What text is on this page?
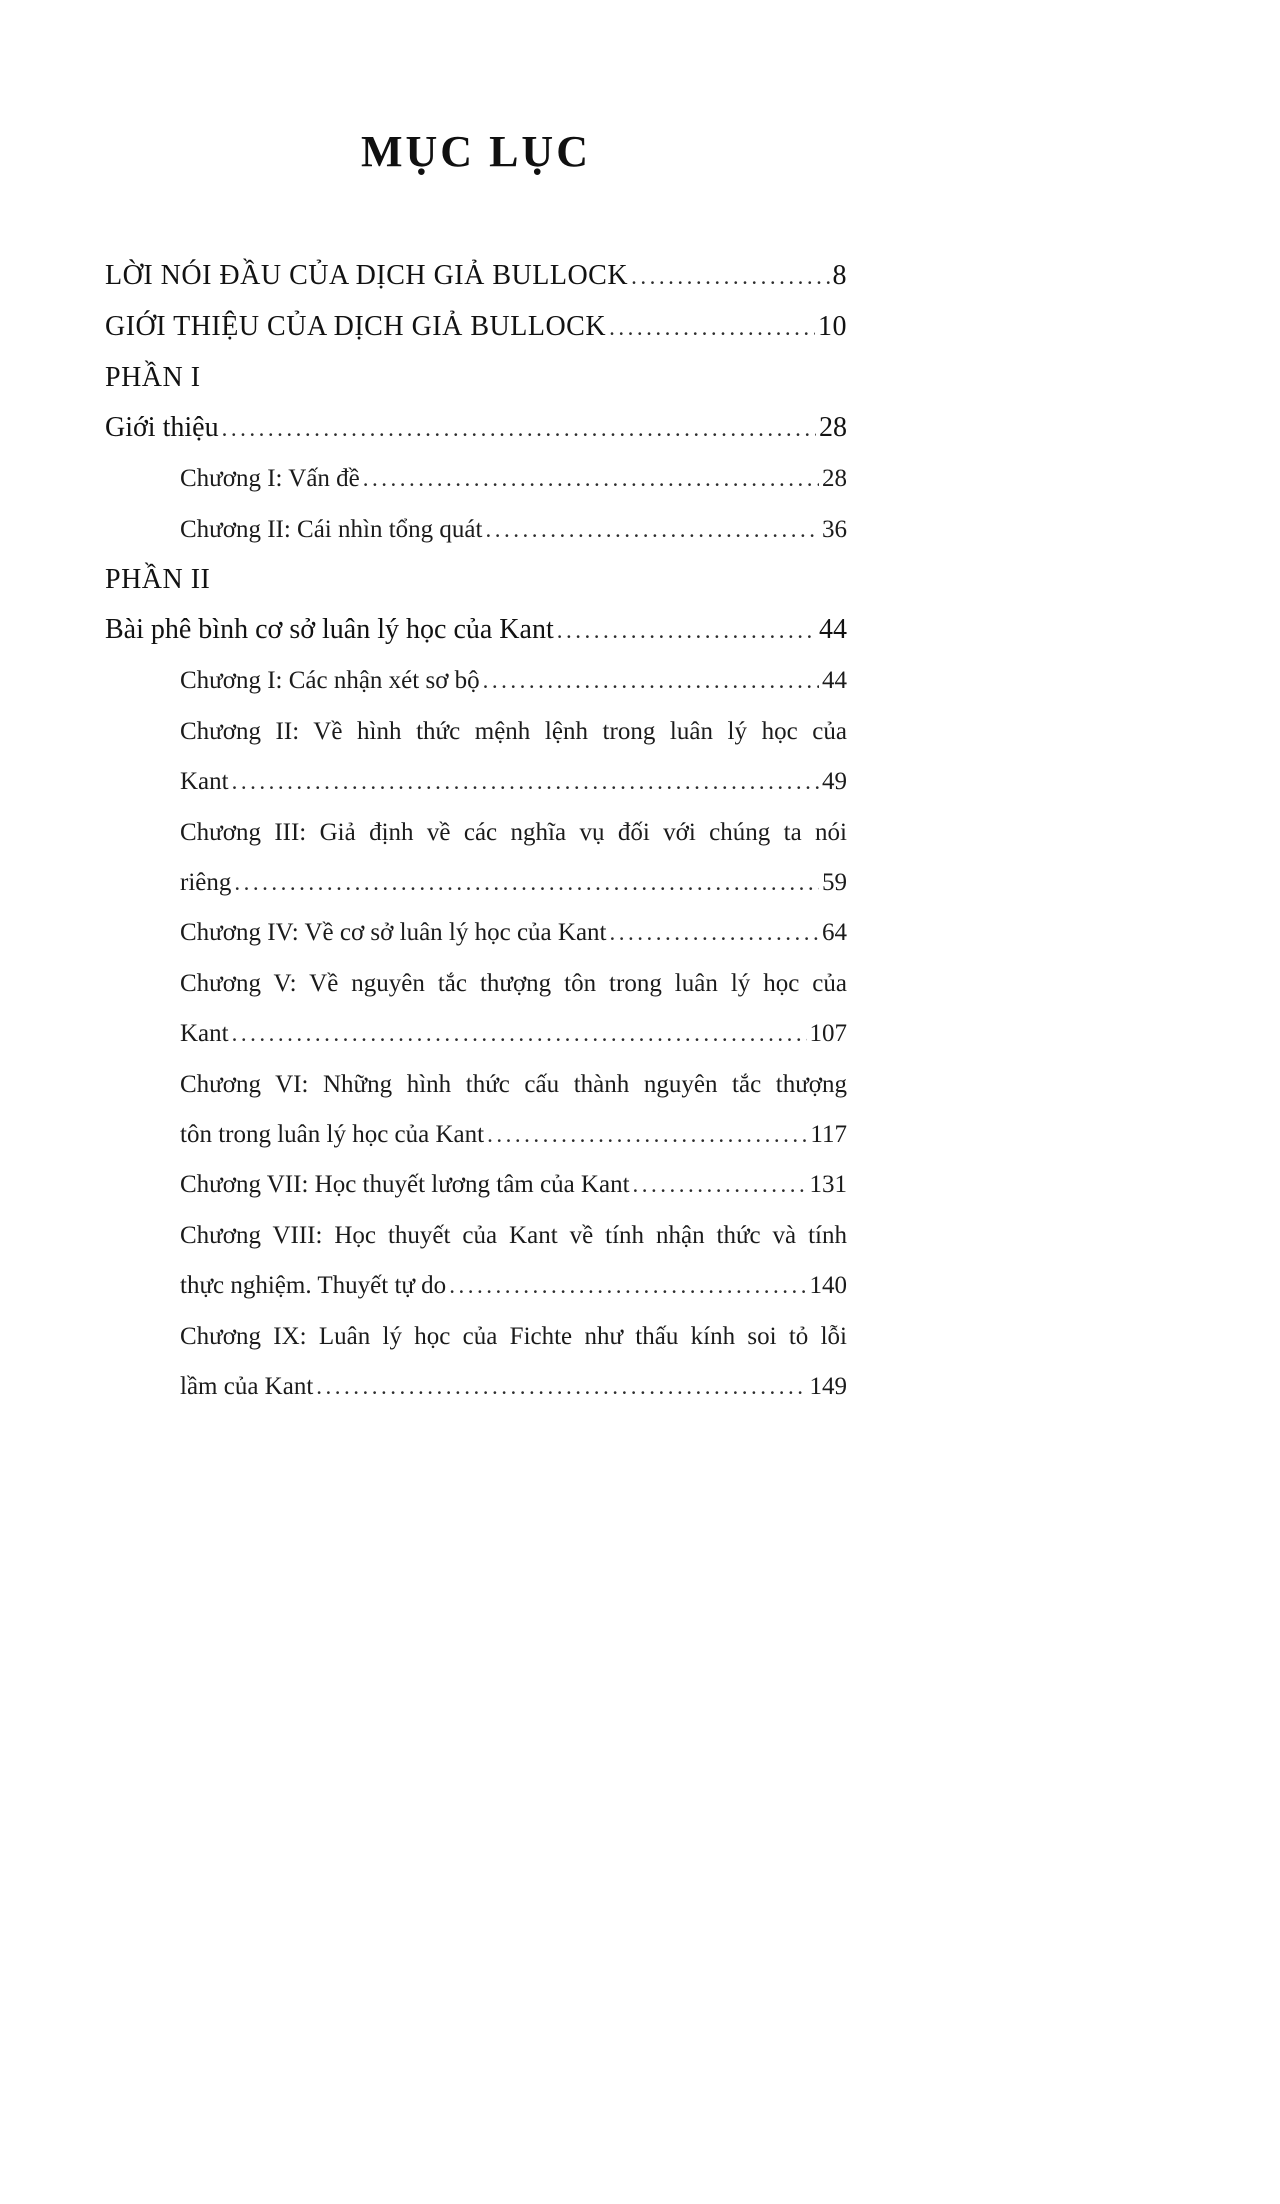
MỤC LỤC
LỜI NÓI ĐẦU CỦA DỊCH GIẢ BULLOCK .....	8
GIỚI THIỆU CỦA DỊCH GIẢ BULLOCK .....	10
PHẦN I
Giới thiệu .....	28
Chương I: Vấn đề .....	28
Chương II: Cái nhìn tổng quát .....	36
PHẦN II
Bài phê bình cơ sở luân lý học của Kant .....	44
Chương I: Các nhận xét sơ bộ .....	44
Chương II: Về hình thức mệnh lệnh trong luân lý học của
Kant .....	49
Chương III: Giả định về các nghĩa vụ đối với chúng ta nói
riêng .....	59
Chương IV: Về cơ sở luân lý học của Kant .....	64
Chương V: Về nguyên tắc thượng tôn trong luân lý học của
Kant .....	107
Chương VI: Những hình thức cấu thành nguyên tắc thượng
tôn trong luân lý học của Kant .....	117
Chương VII: Học thuyết lương tâm của Kant .....	131
Chương VIII: Học thuyết của Kant về tính nhận thức và tính
thực nghiệm. Thuyết tự do .....	140
Chương IX: Luân lý học của Fichte như thấu kính soi tỏ lỗi
lầm của Kant .....	149
